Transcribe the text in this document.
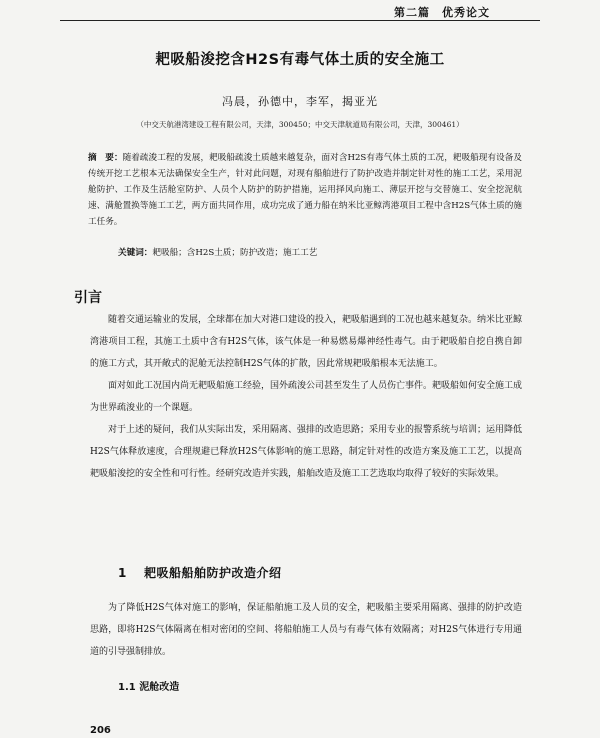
第二篇　优秀论文
耙吸船浚挖含H2S有毒气体土质的安全施工
冯晨，孙德中，李军，揭亚光
（中交天航港湾建设工程有限公司，天津，300450；中交天津航道局有限公司，天津，300461）
摘　要：随着疏浚工程的发展，耙吸船疏浚土质越来越复杂，面对含H2S有毒气体土质的工况，耙吸船现有设备及传统开挖工艺根本无法确保安全生产，针对此问题，对现有船舶进行了防护改造并制定针对性的施工工艺，采用泥舱防护、工作及生活舱室防护、人员个人防护的防护措施，运用择风向施工、薄层开挖与交替施工、安全挖泥航速、满舱置换等施工工艺，两方面共同作用，成功完成了通力船在纳米比亚鲸湾港项目工程中含H2S气体土质的施工任务。
关键词：耙吸船；含H2S土质；防护改造；施工工艺
引言

随着交通运输业的发展，全球都在加大对港口建设的投入，耙吸船遇到的工况也越来越复杂。纳米比亚鲸湾港项目工程，其施工土质中含有H2S气体，该气体是一种易燃易爆神经性毒气。由于耙吸船自挖自携自卸的施工方式，其开敞式的泥舱无法控制H2S气体的扩散，因此常规耙吸船根本无法施工。

面对如此工况国内尚无耙吸船施工经验，国外疏浚公司甚至发生了人员伤亡事件。耙吸船如何安全施工成为世界疏浚业的一个课题。

对于上述的疑问，我们从实际出发，采用隔离、强排的改造思路；采用专业的报警系统与培训；运用降低H2S气体释放速度，合理规避已释放H2S气体影响的施工思路，制定针对性的改造方案及施工工艺，以提高耙吸船浚挖的安全性和可行性。经研究改造并实践，船舶改造及施工工艺选取均取得了较好的实际效果。

1 耙吸船船舶防护改造介绍

为了降低H2S气体对施工的影响，保证船舶施工及人员的安全，耙吸船主要采用隔离、强排的防护改造思路，即将H2S气体隔离在相对密闭的空间、将船舶施工人员与有毒气体有效隔离；对H2S气体进行专用通道的引导强制排放。

1.1 泥舱改造
206
